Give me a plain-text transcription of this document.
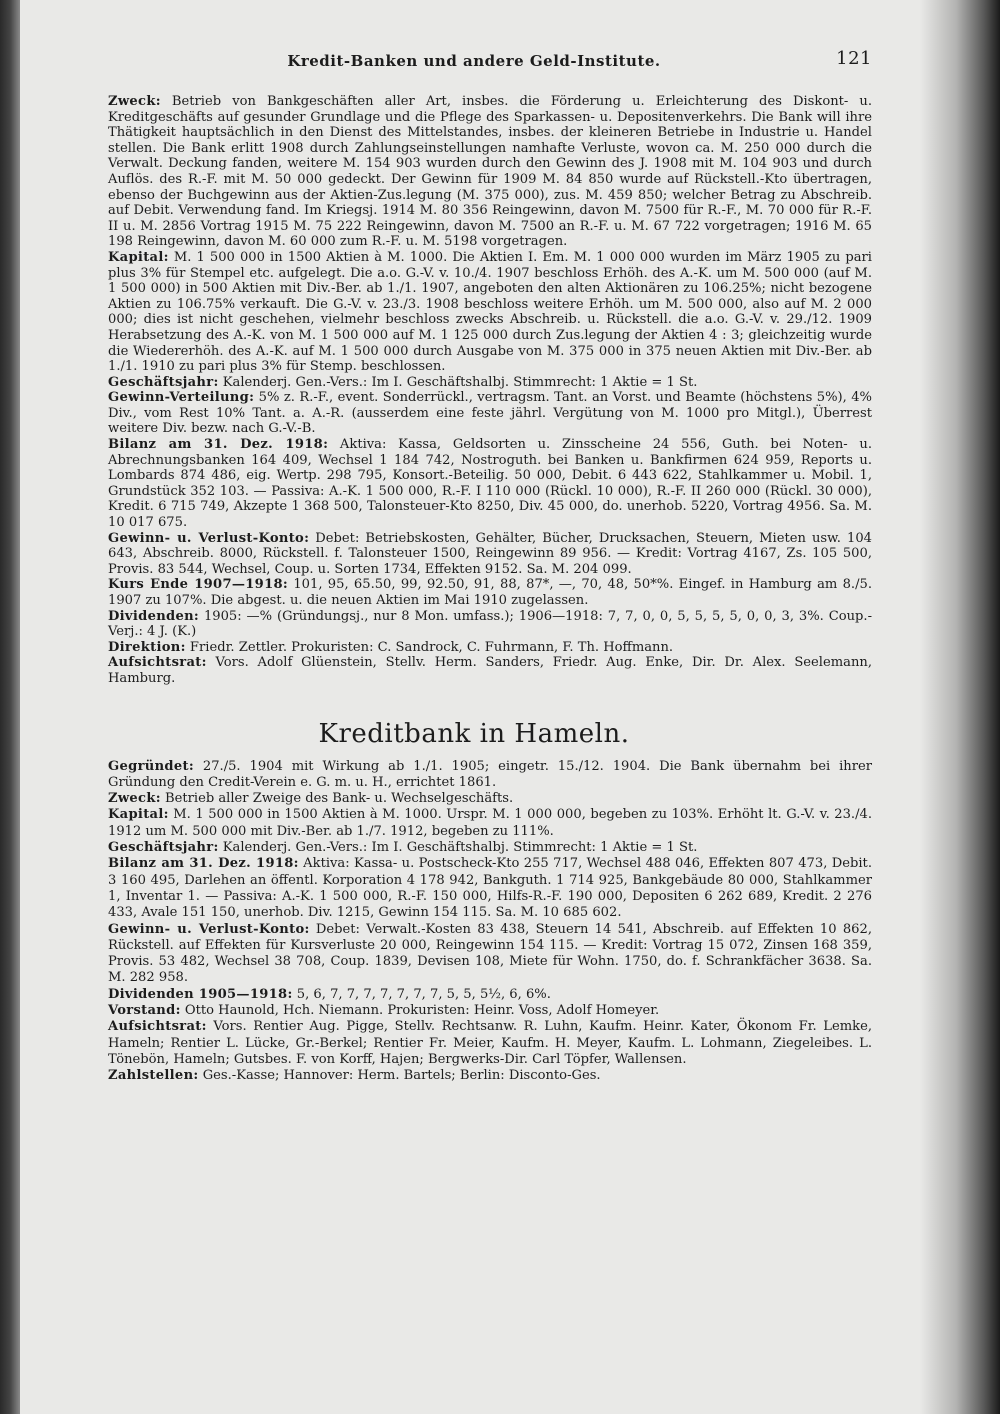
Kredit-Banken und andere Geld-Institute.	121

Zweck: Betrieb von Bankgeschäften aller Art, insbes. die Förderung u. Erleichterung des Diskont- u. Kreditgeschäfts auf gesunder Grundlage und die Pflege des Sparkassen- u. Depositenverkehrs. Die Bank will ihre Thätigkeit hauptsächlich in den Dienst des Mittelstandes, insbes. der kleineren Betriebe in Industrie u. Handel stellen. Die Bank erlitt 1908 durch Zahlungseinstellungen namhafte Verluste, wovon ca. M. 250 000 durch die Verwalt. Deckung fanden, weitere M. 154 903 wurden durch den Gewinn des J. 1908 mit M. 104 903 und durch Auflös. des R.-F. mit M. 50 000 gedeckt. Der Gewinn für 1909 M. 84 850 wurde auf Rückstell.-Kto übertragen, ebenso der Buchgewinn aus der Aktien-Zus.legung (M. 375 000), zus. M. 459 850; welcher Betrag zu Abschreib. auf Debit. Verwendung fand. Im Kriegsj. 1914 M. 80 356 Reingewinn, davon M. 7500 für R.-F., M. 70 000 für R.-F. II u. M. 2856 Vortrag 1915 M. 75 222 Reingewinn, davon M. 7500 an R.-F. u. M. 67 722 vorgetragen; 1916 M. 65 198 Reingewinn, davon M. 60 000 zum R.-F. u. M. 5198 vorgetragen.

Kapital: M. 1 500 000 in 1500 Aktien à M. 1000. Die Aktien I. Em. M. 1 000 000 wurden im März 1905 zu pari plus 3% für Stempel etc. aufgelegt. Die a.o. G.-V. v. 10./4. 1907 beschloss Erhöh. des A.-K. um M. 500 000 (auf M. 1 500 000) in 500 Aktien mit Div.-Ber. ab 1./1. 1907, angeboten den alten Aktionären zu 106.25%; nicht bezogene Aktien zu 106.75% verkauft. Die G.-V. v. 23./3. 1908 beschloss weitere Erhöh. um M. 500 000, also auf M. 2 000 000; dies ist nicht geschehen, vielmehr beschloss zwecks Abschreib. u. Rückstell. die a.o. G.-V. v. 29./12. 1909 Herabsetzung des A.-K. von M. 1 500 000 auf M. 1 125 000 durch Zus.legung der Aktien 4 : 3; gleichzeitig wurde die Wiedererhöh. des A.-K. auf M. 1 500 000 durch Ausgabe von M. 375 000 in 375 neuen Aktien mit Div.-Ber. ab 1./1. 1910 zu pari plus 3% für Stemp. beschlossen.

Geschäftsjahr: Kalenderj. Gen.-Vers.: Im I. Geschäftshalbj. Stimmrecht: 1 Aktie = 1 St.

Gewinn-Verteilung: 5% z. R.-F., event. Sonderrückl., vertragsm. Tant. an Vorst. und Beamte (höchstens 5%), 4% Div., vom Rest 10% Tant. a. A.-R. (ausserdem eine feste jährl. Vergütung von M. 1000 pro Mitgl.), Überrest weitere Div. bezw. nach G.-V.-B.

Bilanz am 31. Dez. 1918: Aktiva: Kassa, Geldsorten u. Zinsscheine 24 556, Guth. bei Noten- u. Abrechnungsbanken 164 409, Wechsel 1 184 742, Nostroguth. bei Banken u. Bankfirmen 624 959, Reports u. Lombards 874 486, eig. Wertp. 298 795, Konsort.-Beteilig. 50 000, Debit. 6 443 622, Stahlkammer u. Mobil. 1, Grundstück 352 103. — Passiva: A.-K. 1 500 000, R.-F. I 110 000 (Rückl. 10 000), R.-F. II 260 000 (Rückl. 30 000), Kredit. 6 715 749, Akzepte 1 368 500, Talonsteuer-Kto 8250, Div. 45 000, do. unerhob. 5220, Vortrag 4956. Sa. M. 10 017 675.

Gewinn- u. Verlust-Konto: Debet: Betriebskosten, Gehälter, Bücher, Drucksachen, Steuern, Mieten usw. 104 643, Abschreib. 8000, Rückstell. f. Talonsteuer 1500, Reingewinn 89 956. — Kredit: Vortrag 4167, Zs. 105 500, Provis. 83 544, Wechsel, Coup. u. Sorten 1734, Effekten 9152. Sa. M. 204 099.

Kurs Ende 1907—1918: 101, 95, 65.50, 99, 92.50, 91, 88, 87*, —, 70, 48, 50*%. Eingef. in Hamburg am 8./5. 1907 zu 107%. Die abgest. u. die neuen Aktien im Mai 1910 zugelassen.

Dividenden: 1905: —% (Gründungsj., nur 8 Mon. umfass.); 1906—1918: 7, 7, 0, 0, 5, 5, 5, 5, 0, 0, 3, 3%. Coup.-Verj.: 4 J. (K.)

Direktion: Friedr. Zettler. Prokuristen: C. Sandrock, C. Fuhrmann, F. Th. Hoffmann.

Aufsichtsrat: Vors. Adolf Glüenstein, Stellv. Herm. Sanders, Friedr. Aug. Enke, Dir. Dr. Alex. Seelemann, Hamburg.

Kreditbank in Hameln.

Gegründet: 27./5. 1904 mit Wirkung ab 1./1. 1905; eingetr. 15./12. 1904. Die Bank übernahm bei ihrer Gründung den Credit-Verein e. G. m. u. H., errichtet 1861.

Zweck: Betrieb aller Zweige des Bank- u. Wechselgeschäfts.

Kapital: M. 1 500 000 in 1500 Aktien à M. 1000. Urspr. M. 1 000 000, begeben zu 103%. Erhöht lt. G.-V. v. 23./4. 1912 um M. 500 000 mit Div.-Ber. ab 1./7. 1912, begeben zu 111%.

Geschäftsjahr: Kalenderj. Gen.-Vers.: Im I. Geschäftshalbj. Stimmrecht: 1 Aktie = 1 St.

Bilanz am 31. Dez. 1918: Aktiva: Kassa- u. Postscheck-Kto 255 717, Wechsel 488 046, Effekten 807 473, Debit. 3 160 495, Darlehen an öffentl. Korporation 4 178 942, Bankguth. 1 714 925, Bankgebäude 80 000, Stahlkammer 1, Inventar 1. — Passiva: A.-K. 1 500 000, R.-F. 150 000, Hilfs-R.-F. 190 000, Depositen 6 262 689, Kredit. 2 276 433, Avale 151 150, unerhob. Div. 1215, Gewinn 154 115. Sa. M. 10 685 602.

Gewinn- u. Verlust-Konto: Debet: Verwalt.-Kosten 83 438, Steuern 14 541, Abschreib. auf Effekten 10 862, Rückstell. auf Effekten für Kursverluste 20 000, Reingewinn 154 115. — Kredit: Vortrag 15 072, Zinsen 168 359, Provis. 53 482, Wechsel 38 708, Coup. 1839, Devisen 108, Miete für Wohn. 1750, do. f. Schrankfächer 3638. Sa. M. 282 958.

Dividenden 1905—1918: 5, 6, 7, 7, 7, 7, 7, 7, 7, 5, 5, 5½, 6, 6%.

Vorstand: Otto Haunold, Hch. Niemann. Prokuristen: Heinr. Voss, Adolf Homeyer.

Aufsichtsrat: Vors. Rentier Aug. Pigge, Stellv. Rechtsanw. R. Luhn, Kaufm. Heinr. Kater, Ökonom Fr. Lemke, Hameln; Rentier L. Lücke, Gr.-Berkel; Rentier Fr. Meier, Kaufm. H. Meyer, Kaufm. L. Lohmann, Ziegeleibes. L. Tönebön, Hameln; Gutsbes. F. von Korff, Hajen; Bergwerks-Dir. Carl Töpfer, Wallensen.

Zahlstellen: Ges.-Kasse; Hannover: Herm. Bartels; Berlin: Disconto-Ges.
